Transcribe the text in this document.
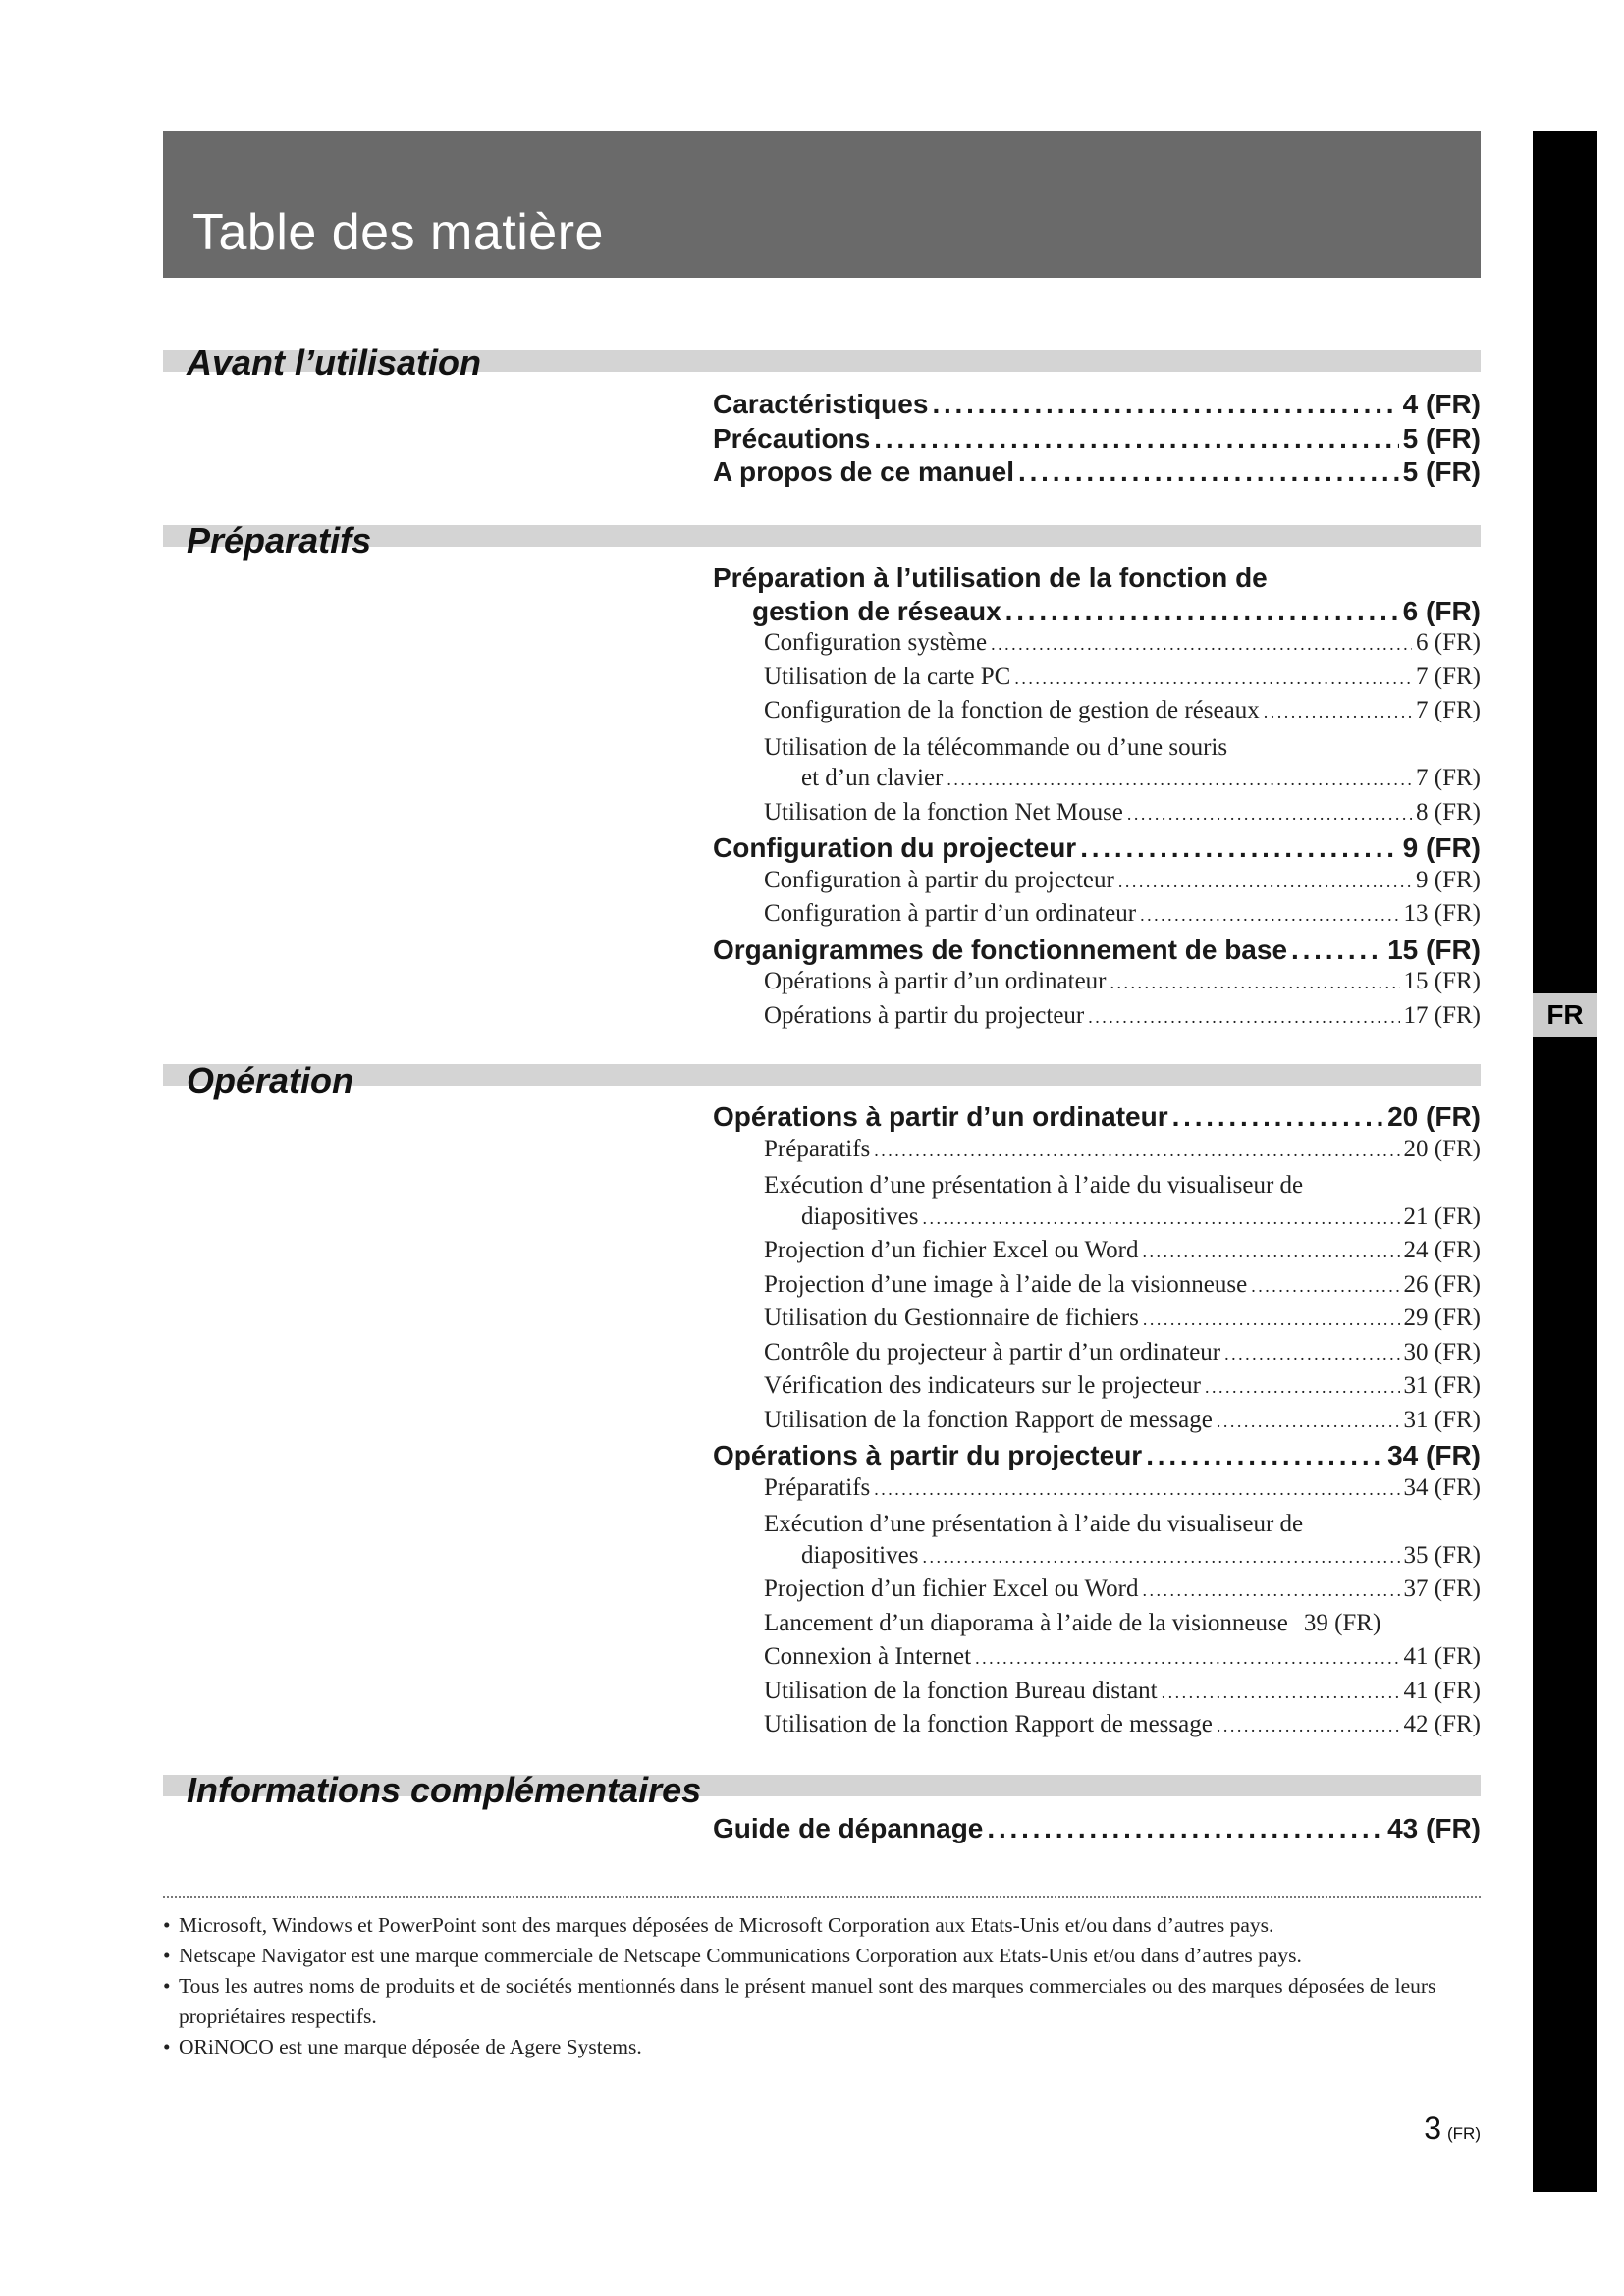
Table des matière
FR
Avant l’utilisation
Préparatifs
Opération
Informations complémentaires
Caractéristiques . . .	4 (FR)
Précautions . . .	5 (FR)
A propos de ce manuel . . .	5 (FR)
Préparation à l’utilisation de la fonction de
gestion de réseaux . . .	6 (FR)
Configuration système . . .	6 (FR)
Utilisation de la carte PC . . .	7 (FR)
Configuration de la fonction de gestion de réseaux . . .	7 (FR)
Utilisation de la télécommande ou d’une souris
et d’un clavier . . .	7 (FR)
Utilisation de la fonction Net Mouse . . .	8 (FR)
Configuration du projecteur . . .	9 (FR)
Configuration à partir du projecteur . . .	9 (FR)
Configuration à partir d’un ordinateur . . .	13 (FR)
Organigrammes de fonctionnement de base . . .	15 (FR)
Opérations à partir d’un ordinateur . . .	15 (FR)
Opérations à partir du projecteur . . .	17 (FR)
Opérations à partir d’un ordinateur . . .	20 (FR)
Préparatifs . . .	20 (FR)
Exécution d’une présentation à l’aide du visualiseur de
diapositives . . .	21 (FR)
Projection d’un fichier Excel ou Word . . .	24 (FR)
Projection d’une image à l’aide de la visionneuse . . .	26 (FR)
Utilisation du Gestionnaire de fichiers . . .	29 (FR)
Contrôle du projecteur à partir d’un ordinateur . . .	30 (FR)
Vérification des indicateurs sur le projecteur . . .	31 (FR)
Utilisation de la fonction Rapport de message . . .	31 (FR)
Opérations à partir du projecteur . . .	34 (FR)
Préparatifs . . .	34 (FR)
Exécution d’une présentation à l’aide du visualiseur de
diapositives . . .	35 (FR)
Projection d’un fichier Excel ou Word . . .	37 (FR)
Lancement d’un diaporama à l’aide de la visionneuse 39 (FR)
Connexion à Internet . . .	41 (FR)
Utilisation de la fonction Bureau distant . . .	41 (FR)
Utilisation de la fonction Rapport de message . . .	42 (FR)
Guide de dépannage . . .	43 (FR)
• Microsoft, Windows et PowerPoint sont des marques déposées de Microsoft Corporation aux Etats-Unis et/ou dans d’autres pays.
• Netscape Navigator est une marque commerciale de Netscape Communications Corporation aux Etats-Unis et/ou dans d’autres pays.
• Tous les autres noms de produits et de sociétés mentionnés dans le présent manuel sont des marques commerciales ou des marques déposées de leurs propriétaires respectifs.
• ORiNOCO est une marque déposée de Agere Systems.
3 (FR)
